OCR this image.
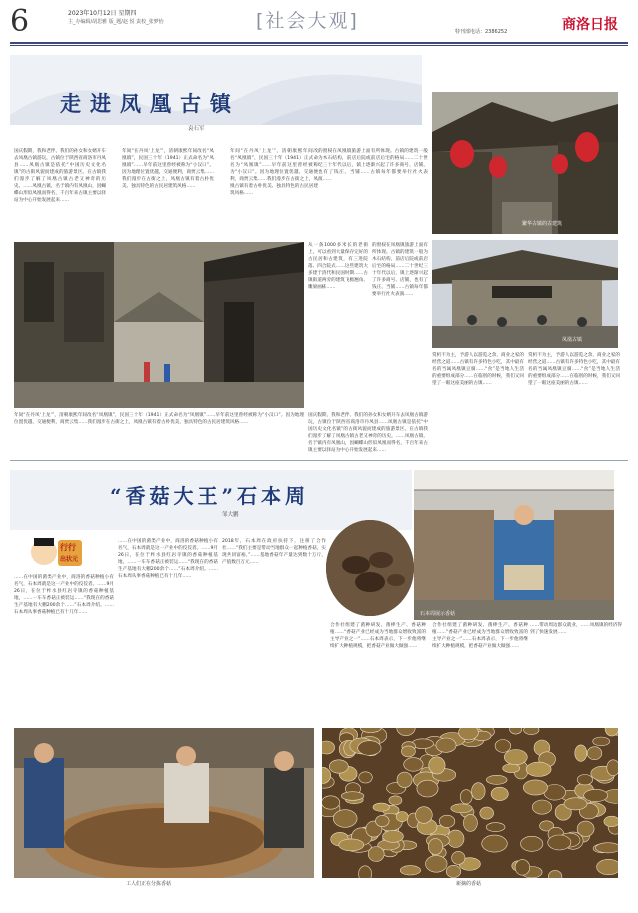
6	2023年10月12日 星期四
主_办编辑/胡思雅 版_题/赵 悦 责校_张梦怡	[社会大观]	特刊部电话：2386252	商洛日报
走进凤凰古镇
袁石军
国庆假期，我和老伴、我们的孙女和女婿开车去凤凰古镇游玩，古镇位于陕西省商洛市丹凤县……凤凰古镇是依托“中国历史文化名镇”的古街风貌而建成的旅游景区。在古镇我们漫步了解了凤凰古镇古老又神奇的历史。……凤凰古镇，名于镇内有凤凰山，因蝴蝶山形似凤凰而得名，千百年来古镇主要以驿站为中心开始发展起来……
年间“在丹凤‘上龙’”，清朝康熙年间改名“凤凰镇”，民国三十年（1941）正式命名为“凤凰镇”……早年前这里曾经被称为“小汉口”。因为地理位置优越，交通便利，商贾云集……我们漫步在古街之上，凤凰古镇有着古朴优美、独具特色的古民居建筑风格……
年间“在丹凤‘上龙’”，清朝康熙年间改名“凤凰镇”，民国三十年（1941）正式命名为“凤凰镇”……早年前这里曾经被称为“小汉口”。因为地理位置优越，交通便利，商贾云集……我们漫步在古街之上，凤凰古镇有着古朴优美、独具特色的古民居建筑风格……
的窗棂在凤凰镇旅游上面有所体现。古镇的建筑一般为木石结构，前店后院或前店后宅的格局……二十世纪三十年代以后，镇上逐渐兴起了许多商号、店铺，也有了钱庄、当铺……古镇每年都要举行社火表演……
繁华古镇的古建筑
凤凰古镇
从一条1000多米长的老街上，可以看到大量保存完好的古民居和古建筑，有三进院落、四合院式……这些建筑大多建于清代和民国时期……古镇街道两旁的建筑飞檐翘角、雕梁画栋……
的窗棂在凤凰镇旅游上面有所体现。古镇的建筑一般为木石结构，前店后院或前店后宅的格局……二十世纪三十年代以后，镇上逐渐兴起了许多商号、店铺，也有了钱庄、当铺……古镇每年都要举行社火表演……
赏析不为主，予游人以游览之余，商业之家的经营之道……古镇有许多特色小吃，其中最有名的当属凤凰镇豆腐……“食”是当地人生活的重要组成部分……在临别的时候，我们又回望了一眼这座美丽的古镇……
赏析不为主，予游人以游览之余，商业之家的经营之道……古镇有许多特色小吃，其中最有名的当属凤凰镇豆腐……“食”是当地人生活的重要组成部分……在临别的时候，我们又回望了一眼这座美丽的古镇……
年间“在丹凤‘上龙’”，清朝康熙年间改名“凤凰镇”，民国三十年（1941）正式命名为“凤凰镇”……早年前这里曾经被称为“小汉口”。因为地理位置优越，交通便利，商贾云集……我们漫步在古街之上，凤凰古镇有着古朴优美、独具特色的古民居建筑风格……
国庆假期，我和老伴、我们的孙女和女婿开车去凤凰古镇游玩，古镇位于陕西省商洛市丹凤县……凤凰古镇是依托“中国历史文化名镇”的古街风貌而建成的旅游景区。在古镇我们漫步了解了凤凰古镇古老又神奇的历史。……凤凰古镇，名于镇内有凤凰山，因蝴蝶山形似凤凰而得名，千百年来古镇主要以驿站为中心开始发展起来……
“香菇大王”石本周
邹大鹏
行行
出状元
……在中国的菌类产业中，商洛的香菇种植小有名气，石本周就是这一产业中的佼佼者。……9月26日，在位于柞水县红岩寺镇的香菇种植基地，……一车车香菇正被装运……“我现在的香菇生产基地有大棚200余个……”石本周介绍。……石本周从事香菇种植已有十几年……
……在中国的菌类产业中，商洛的香菇种植小有名气，石本周就是这一产业中的佼佼者。……9月26日，在位于柞水县红岩寺镇的香菇种植基地，……一车车香菇正被装运……“我现在的香菇生产基地有大棚200余个……”石本周介绍。……石本周从事香菇种植已有十几年……
2018年，石本周在政府扶持下，注册了合作社……“我们主要是带动当地群众一起种植香菇，实现共同富裕。”……基地香菇年产量达到数十万斤，产值数百万元……
合作社组建了菌种研发、菌棒生产、香菇种植……“香菇产业已经成为当地群众增收致富的主导产业之一”……石本周表示，下一步他将继续扩大种植规模，把香菇产业做大做强……
合作社组建了菌种研发、菌棒生产、香菇种植……“香菇产业已经成为当地群众增收致富的主导产业之一”……石本周表示，下一步他将继续扩大种植规模，把香菇产业做大做强……
……带动周边群众就业，……凤凰镇的经济得到了快速发展……
石本周展示香菇
工人们正在分拣香菇	新摘的香菇
